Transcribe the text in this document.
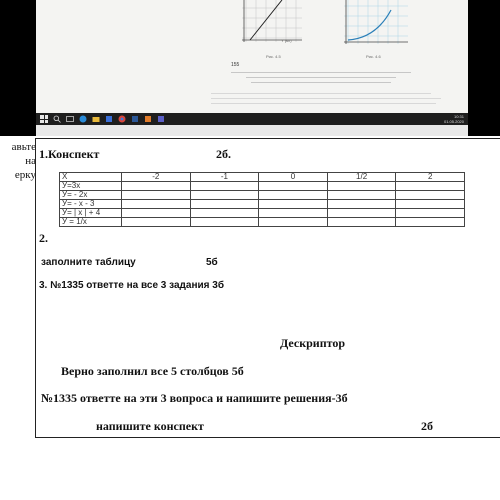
Y (мг)
Рис. 4.5	Рис. 4.6
155
10:31
01.05.2020
авьте
на
ерку
1.Конспект	2б.
X	-2	-1	0	1/2	2
У=3х					
У= - 2х					
У= - х - 3					
У= | х | + 4					
У = 1/х					
2.
заполните таблицу	5б
3. №1335 ответте на все 3 задания 3б
Дескриптор
Верно заполнил все 5 столбцов 5б
№1335 ответте на эти 3 вопроса и напишите решения-3б
напишите конспект	2б
